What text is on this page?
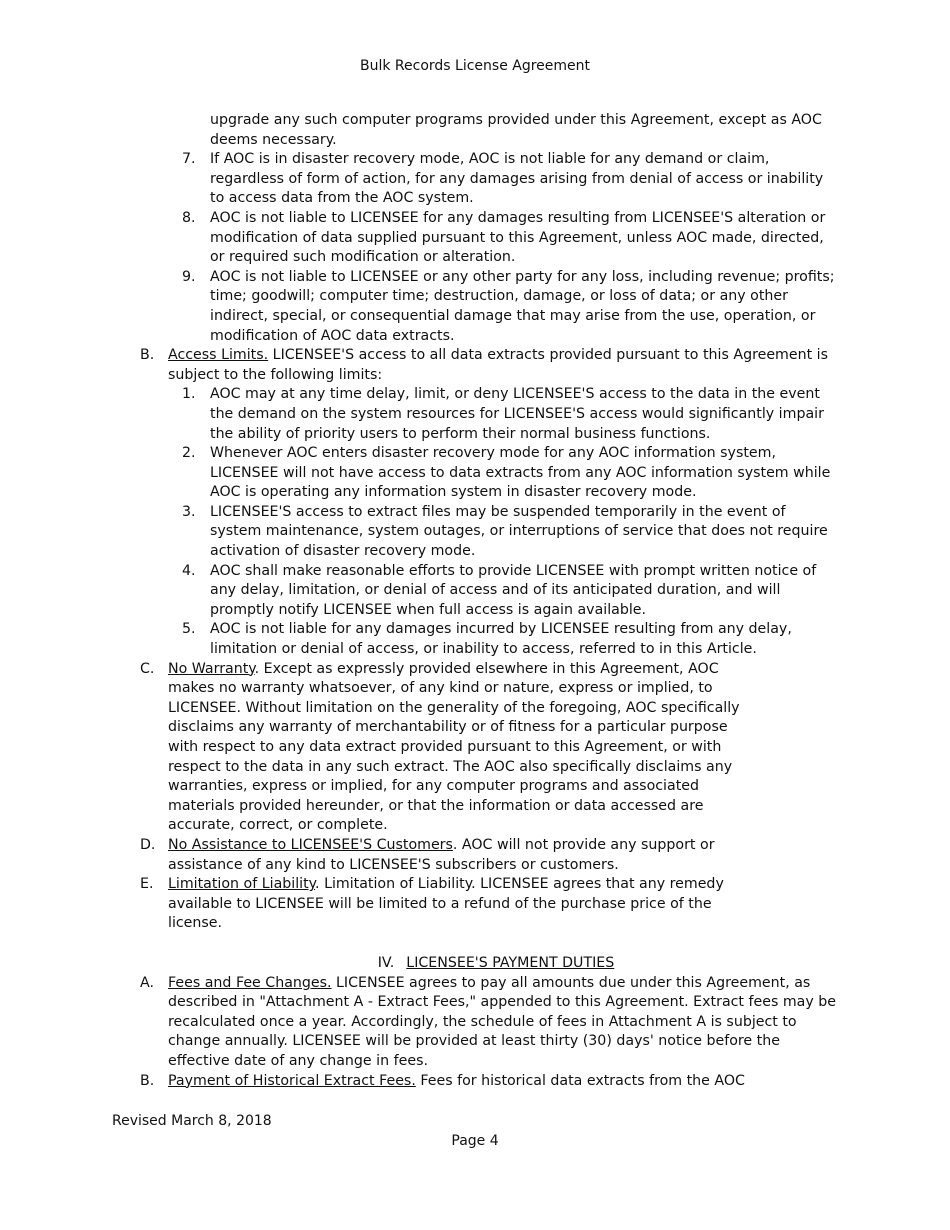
Bulk Records License Agreement
upgrade any such computer programs provided under this Agreement, except as AOC deems necessary.
7.	If AOC is in disaster recovery mode, AOC is not liable for any demand or claim, regardless of form of action, for any damages arising from denial of access or inability to access data from the AOC system.
8.	AOC is not liable to LICENSEE for any damages resulting from LICENSEE'S alteration or modification of data supplied pursuant to this Agreement, unless AOC made, directed, or required such modification or alteration.
9.	AOC is not liable to LICENSEE or any other party for any loss, including revenue; profits; time; goodwill; computer time; destruction, damage, or loss of data; or any other indirect, special, or consequential damage that may arise from the use, operation, or modification of AOC data extracts.
B. Access Limits. LICENSEE'S access to all data extracts provided pursuant to this Agreement is subject to the following limits:
1.	AOC may at any time delay, limit, or deny LICENSEE'S access to the data in the event the demand on the system resources for LICENSEE'S access would significantly impair the ability of priority users to perform their normal business functions.
2.	Whenever AOC enters disaster recovery mode for any AOC information system, LICENSEE will not have access to data extracts from any AOC information system while AOC is operating any information system in disaster recovery mode.
3.	LICENSEE'S access to extract files may be suspended temporarily in the event of system maintenance, system outages, or interruptions of service that does not require activation of disaster recovery mode.
4.	AOC shall make reasonable efforts to provide LICENSEE with prompt written notice of any delay, limitation, or denial of access and of its anticipated duration, and will promptly notify LICENSEE when full access is again available.
5.	AOC is not liable for any damages incurred by LICENSEE resulting from any delay, limitation or denial of access, or inability to access, referred to in this Article.
C. No Warranty. Except as expressly provided elsewhere in this Agreement, AOC makes no warranty whatsoever, of any kind or nature, express or implied, to LICENSEE. Without limitation on the generality of the foregoing, AOC specifically disclaims any warranty of merchantability or of fitness for a particular purpose with respect to any data extract provided pursuant to this Agreement, or with respect to the data in any such extract. The AOC also specifically disclaims any warranties, express or implied, for any computer programs and associated materials provided hereunder, or that the information or data accessed are accurate, correct, or complete.
D. No Assistance to LICENSEE'S Customers. AOC will not provide any support or assistance of any kind to LICENSEE'S subscribers or customers.
E.	Limitation of Liability. Limitation of Liability. LICENSEE agrees that any remedy available to LICENSEE will be limited to a refund of the purchase price of the license.
IV. LICENSEE'S PAYMENT DUTIES
A. Fees and Fee Changes. LICENSEE agrees to pay all amounts due under this Agreement, as described in "Attachment A - Extract Fees," appended to this Agreement. Extract fees may be recalculated once a year. Accordingly, the schedule of fees in Attachment A is subject to change annually. LICENSEE will be provided at least thirty (30) days' notice before the effective date of any change in fees.
B. Payment of Historical Extract Fees. Fees for historical data extracts from the AOC
Revised March 8, 2018
Page 4
